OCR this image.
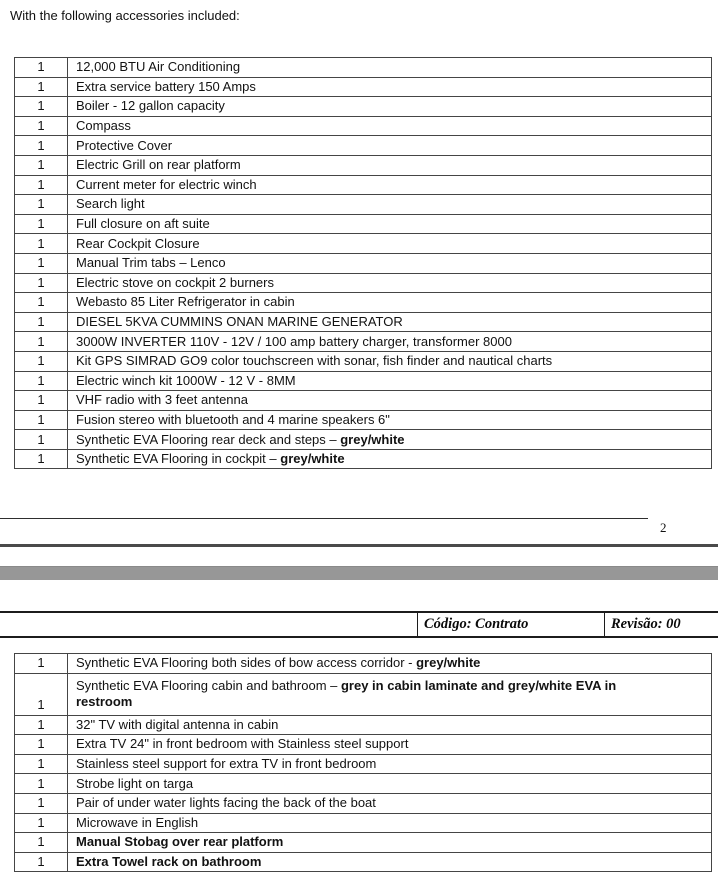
With the following accessories included:
1	12,000 BTU Air Conditioning
1	Extra service battery 150 Amps
1	Boiler - 12 gallon capacity
1	Compass
1	Protective Cover
1	Electric Grill on rear platform
1	Current meter for electric winch
1	Search light
1	Full closure on aft suite
1	Rear Cockpit Closure
1	Manual Trim tabs – Lenco
1	Electric stove on cockpit 2 burners
1	Webasto 85 Liter Refrigerator in cabin
1	DIESEL 5KVA CUMMINS ONAN MARINE GENERATOR
1	3000W INVERTER 110V - 12V / 100 amp battery charger, transformer 8000
1	Kit GPS SIMRAD GO9 color touchscreen with sonar, fish finder and nautical charts
1	Electric winch kit 1000W - 12 V - 8MM
1	VHF radio with 3 feet antenna
1	Fusion stereo with bluetooth and 4 marine speakers 6"
1	Synthetic EVA Flooring rear deck and steps – grey/white
1	Synthetic EVA Flooring in cockpit – grey/white
2
Código: Contrato	Revisão: 00
1	Synthetic EVA Flooring both sides of bow access corridor - grey/white
1	Synthetic EVA Flooring cabin and bathroom – grey in cabin laminate and grey/white EVA in
restroom
1	32" TV with digital antenna in cabin
1	Extra TV 24" in front bedroom with Stainless steel support
1	Stainless steel support for extra TV in front bedroom
1	Strobe light on targa
1	Pair of under water lights facing the back of the boat
1	Microwave in English
1	Manual Stobag over rear platform
1	Extra Towel rack on bathroom
